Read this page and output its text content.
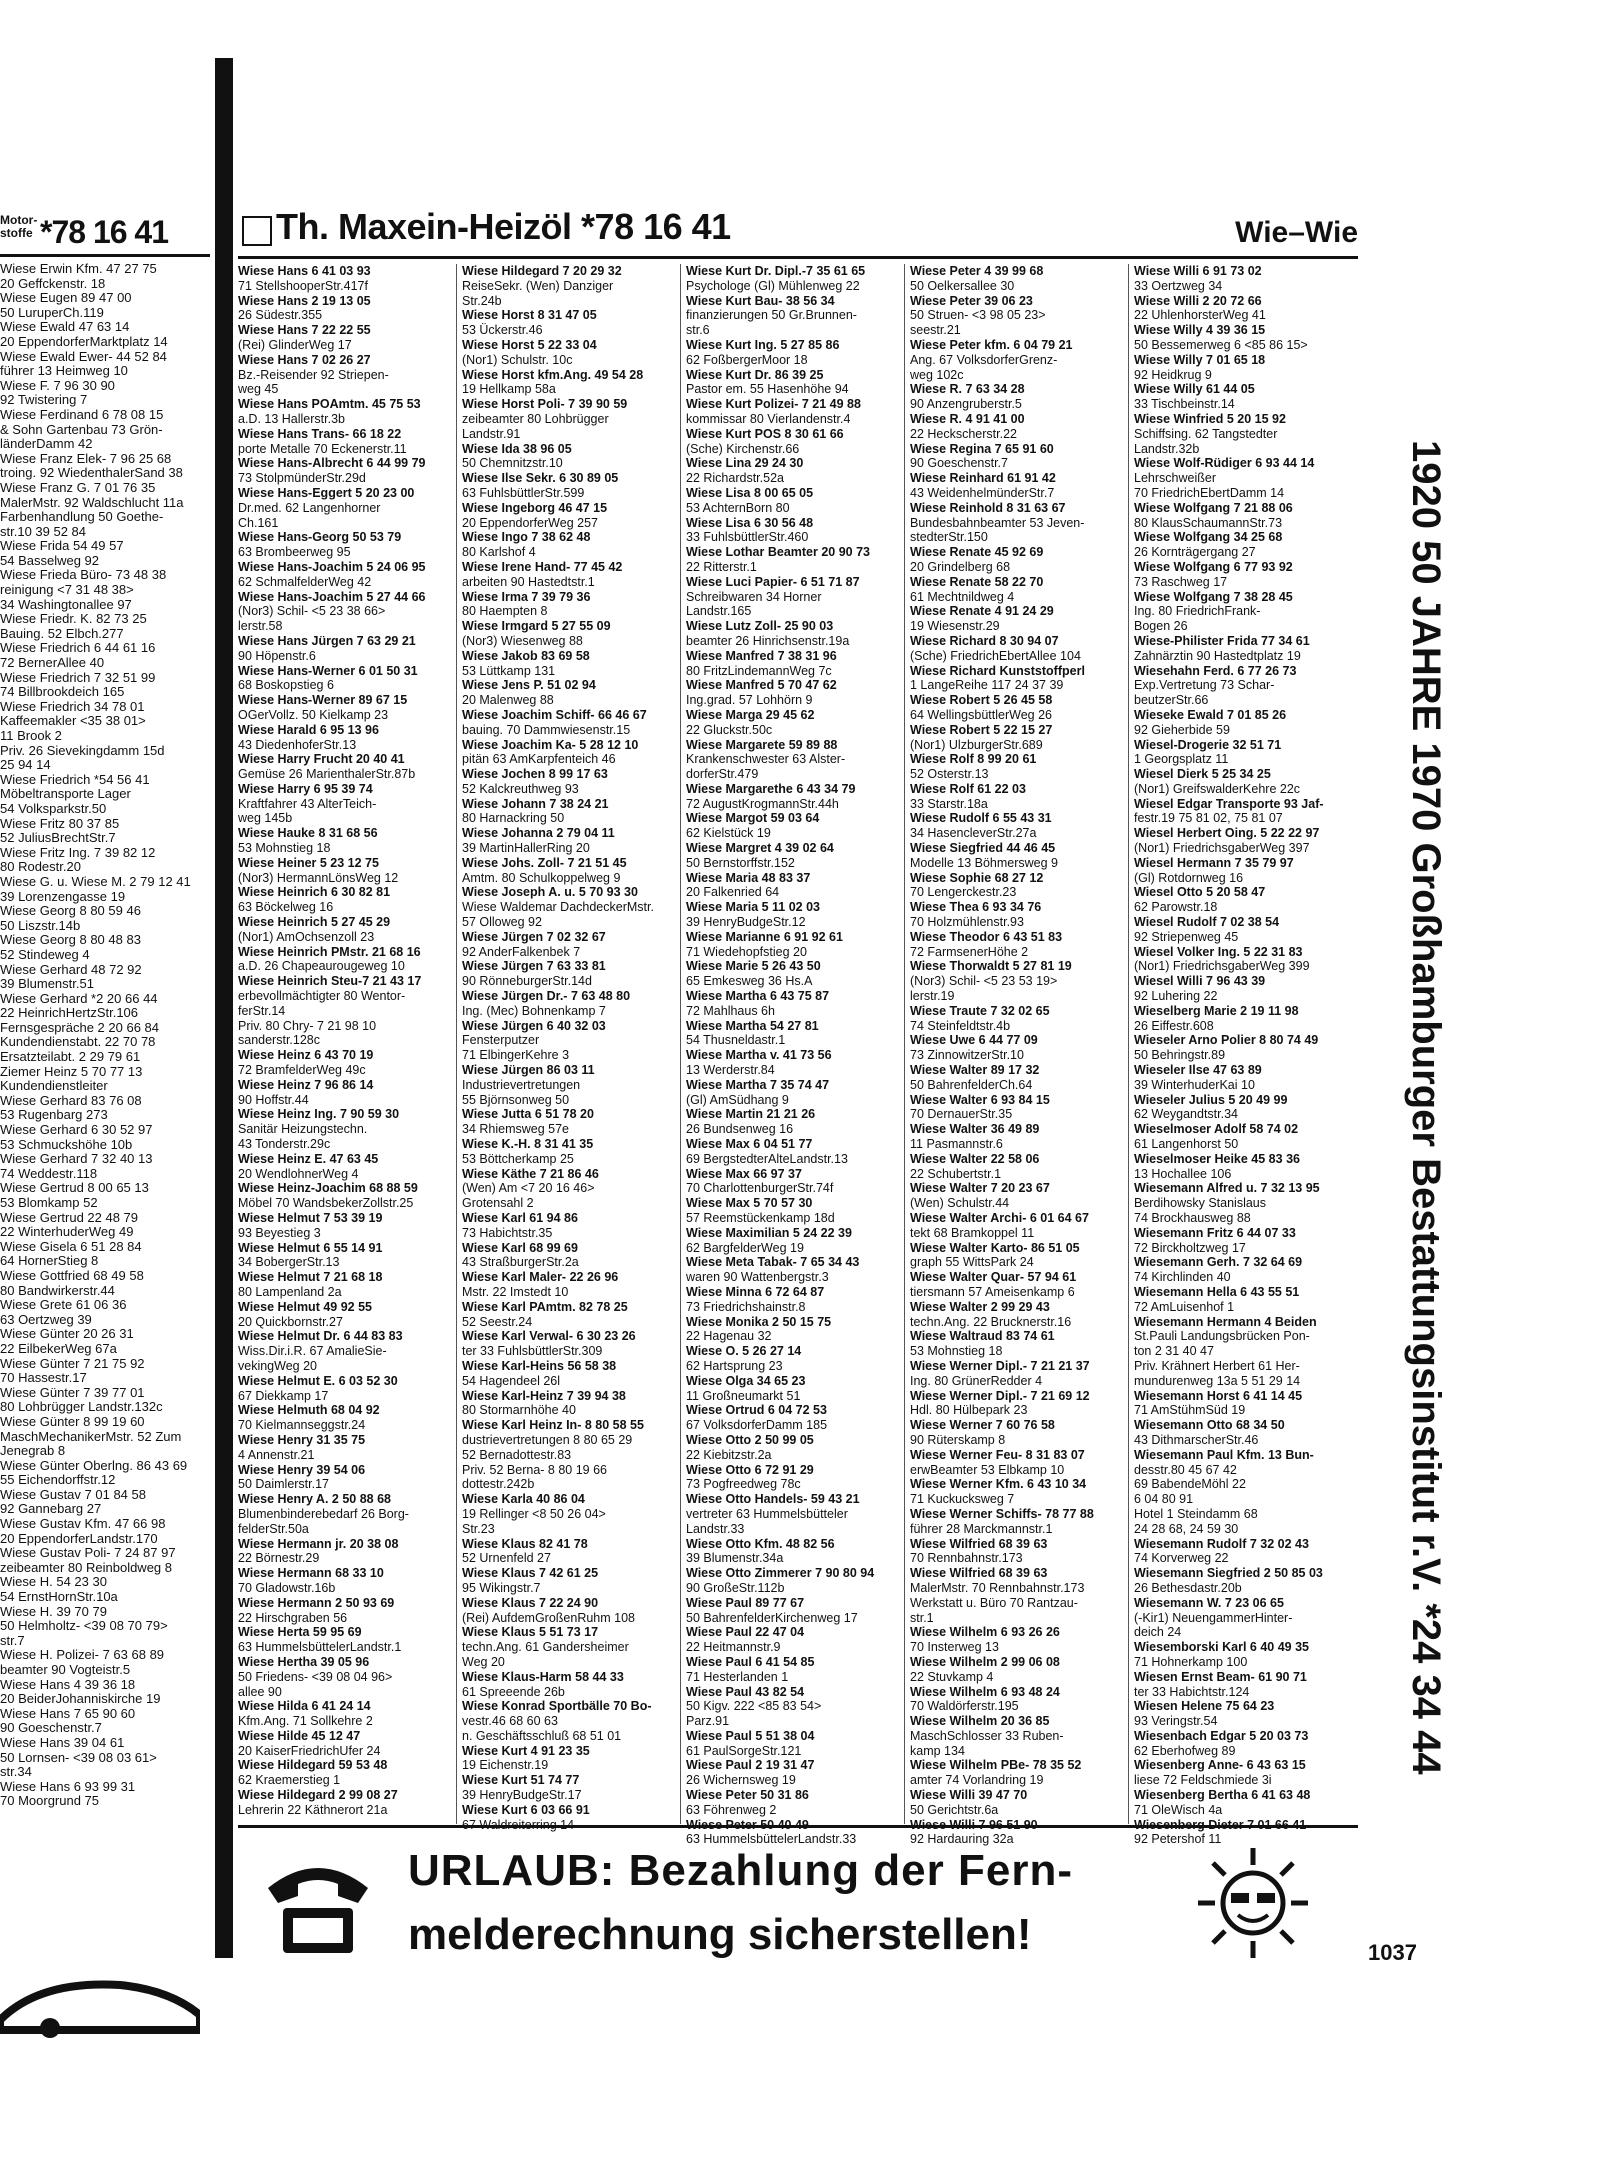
Motor-
stoffe *78 16 41
Wiese Erwin Kfm. 47 27 75
20 Geffckenstr. 18
Wiese Eugen 89 47 00
50 LuruperCh.119
Wiese Ewald 47 63 14
20 EppendorferMarktplatz 14
Wiese Ewald Ewer- 44 52 84
führer 13 Heimweg 10
Wiese F. 7 96 30 90
92 Twistering 7
Wiese Ferdinand 6 78 08 15
& Sohn Gartenbau 73 Grön-
länderDamm 42
Wiese Franz Elek- 7 96 25 68
troing. 92 WiedenthalerSand 38
Wiese Franz G. 7 01 76 35
MalerMstr. 92 Waldschlucht 11a
Farbenhandlung 50 Goethe-
str.10 39 52 84
Wiese Frida 54 49 57
54 Basselweg 92
Wiese Frieda Büro- 73 48 38
reinigung <7 31 48 38>
34 Washingtonallee 97
Wiese Friedr. K. 82 73 25
Bauing. 52 Elbch.277
Wiese Friedrich 6 44 61 16
72 BernerAllee 40
Wiese Friedrich 7 32 51 99
74 Billbrookdeich 165
Wiese Friedrich 34 78 01
Kaffeemakler <35 38 01>
11 Brook 2
Priv. 26 Sievekingdamm 15d
25 94 14
Wiese Friedrich *54 56 41
Möbeltransporte Lager
54 Volksparkstr.50
Wiese Fritz 80 37 85
52 JuliusBrechtStr.7
Wiese Fritz Ing. 7 39 82 12
80 Rodestr.20
Wiese G. u. Wiese M. 2 79 12 41
39 Lorenzengasse 19
Wiese Georg 8 80 59 46
50 Liszstr.14b
Wiese Georg 8 80 48 83
52 Stindeweg 4
Wiese Gerhard 48 72 92
39 Blumenstr.51
Wiese Gerhard *2 20 66 44
22 HeinrichHertzStr.106
Fernsgespräche 2 20 66 84
Kundendienstabt. 22 70 78
Ersatzteilabt. 2 29 79 61
Ziemer Heinz 5 70 77 13
Kundendienstleiter
Wiese Gerhard 83 76 08
53 Rugenbarg 273
Wiese Gerhard 6 30 52 97
53 Schmuckshöhe 10b
Wiese Gerhard 7 32 40 13
74 Weddestr.118
Wiese Gertrud 8 00 65 13
53 Blomkamp 52
Wiese Gertrud 22 48 79
22 WinterhuderWeg 49
Wiese Gisela 6 51 28 84
64 HornerStieg 8
Wiese Gottfried 68 49 58
80 Bandwirkerstr.44
Wiese Grete 61 06 36
63 Oertzweg 39
Wiese Günter 20 26 31
22 EilbekerWeg 67a
Wiese Günter 7 21 75 92
70 Hassestr.17
Wiese Günter 7 39 77 01
80 Lohbrügger Landstr.132c
Wiese Günter 8 99 19 60
MaschMechanikerMstr. 52 Zum
Jenegrab 8
Wiese Günter Oberlng. 86 43 69
55 Eichendorffstr.12
Wiese Gustav 7 01 84 58
92 Gannebarg 27
Wiese Gustav Kfm. 47 66 98
20 EppendorferLandstr.170
Wiese Gustav Poli- 7 24 87 97
zeibeamter 80 Reinboldweg 8
Wiese H. 54 23 30
54 ErnstHornStr.10a
Wiese H. 39 70 79
50 Helmholtz- <39 08 70 79>
str.7
Wiese H. Polizei- 7 63 68 89
beamter 90 Vogteistr.5
Wiese Hans 4 39 36 18
20 BeiderJohanniskirche 19
Wiese Hans 7 65 90 60
90 Goeschenstr.7
Wiese Hans 39 04 61
50 Lornsen- <39 08 03 61>
str.34
Wiese Hans 6 93 99 31
70 Moorgrund 75
Th. Maxein-Heizöl *78 16 41	Wie–Wie
Wiese Hans 6 41 03 93
71 StellshooperStr.417f
Wiese Hans 2 19 13 05
26 Südestr.355
Wiese Hans 7 22 22 55
(Rei) GlinderWeg 17
Wiese Hans 7 02 26 27
Bz.-Reisender 92 Striepen-
weg 45
Wiese Hans POAmtm. 45 75 53
a.D. 13 Hallerstr.3b
Wiese Hans Trans- 66 18 22
porte Metalle 70 Eckenerstr.11
Wiese Hans-Albrecht 6 44 99 79
73 StolpmünderStr.29d
Wiese Hans-Eggert 5 20 23 00
Dr.med. 62 Langenhorner
Ch.161
Wiese Hans-Georg 50 53 79
63 Brombeerweg 95
Wiese Hans-Joachim 5 24 06 95
62 SchmalfelderWeg 42
Wiese Hans-Joachim 5 27 44 66
(Nor3) Schil- <5 23 38 66>
lerstr.58
Wiese Hans Jürgen 7 63 29 21
90 Höpenstr.6
Wiese Hans-Werner 6 01 50 31
68 Boskopstieg 6
Wiese Hans-Werner 89 67 15
OGerVollz. 50 Kielkamp 23
Wiese Harald 6 95 13 96
43 DiedenhoferStr.13
Wiese Harry Frucht 20 40 41
Gemüse 26 MarienthalerStr.87b
Wiese Harry 6 95 39 74
Kraftfahrer 43 AlterTeich-
weg 145b
Wiese Hauke 8 31 68 56
53 Mohnstieg 18
Wiese Heiner 5 23 12 75
(Nor3) HermannLönsWeg 12
Wiese Heinrich 6 30 82 81
63 Böckelweg 16
Wiese Heinrich 5 27 45 29
(Nor1) AmOchsenzoll 23
Wiese Heinrich PMstr. 21 68 16
a.D. 26 Chapeaurougeweg 10
Wiese Heinrich Steu-7 21 43 17
erbevollmächtigter 80 Wentor-
ferStr.14
Priv. 80 Chry- 7 21 98 10
sanderstr.128c
Wiese Heinz 6 43 70 19
72 BramfelderWeg 49c
Wiese Heinz 7 96 86 14
90 Hoffstr.44
Wiese Heinz Ing. 7 90 59 30
Sanitär Heizungstechn.
43 Tonderstr.29c
Wiese Heinz E. 47 63 45
20 WendlohnerWeg 4
Wiese Heinz-Joachim 68 88 59
Möbel 70 WandsbekerZollstr.25
Wiese Helmut 7 53 39 19
93 Beyestieg 3
Wiese Helmut 6 55 14 91
34 BobergerStr.13
Wiese Helmut 7 21 68 18
80 Lampenland 2a
Wiese Helmut 49 92 55
20 Quickbornstr.27
Wiese Helmut Dr. 6 44 83 83
Wiss.Dir.i.R. 67 AmalieSie-
vekingWeg 20
Wiese Helmut E. 6 03 52 30
67 Diekkamp 17
Wiese Helmuth 68 04 92
70 Kielmannseggstr.24
Wiese Henry 31 35 75
4 Annenstr.21
Wiese Henry 39 54 06
50 Daimlerstr.17
Wiese Henry A. 2 50 88 68
Blumenbinderebedarf 26 Borg-
felderStr.50a
Wiese Hermann jr. 20 38 08
22 Börnestr.29
Wiese Hermann 68 33 10
70 Gladowstr.16b
Wiese Hermann 2 50 93 69
22 Hirschgraben 56
Wiese Herta 59 95 69
63 HummelsbüttelerLandstr.1
Wiese Hertha 39 05 96
50 Friedens- <39 08 04 96>
allee 90
Wiese Hilda 6 41 24 14
Kfm.Ang. 71 Sollkehre 2
Wiese Hilde 45 12 47
20 KaiserFriedrichUfer 24
Wiese Hildegard 59 53 48
62 Kraemerstieg 1
Wiese Hildegard 2 99 08 27
Lehrerin 22 Käthnerort 21a
Wiese Hildegard 7 20 29 32
ReiseSekr. (Wen) Danziger
Str.24b
Wiese Horst 8 31 47 05
53 Ückerstr.46
Wiese Horst 5 22 33 04
(Nor1) Schulstr. 10c
Wiese Horst kfm.Ang. 49 54 28
19 Hellkamp 58a
Wiese Horst Poli- 7 39 90 59
zeibeamter 80 Lohbrügger
Landstr.91
Wiese Ida 38 96 05
50 Chemnitzstr.10
Wiese Ilse Sekr. 6 30 89 05
63 FuhlsbüttlerStr.599
Wiese Ingeborg 46 47 15
20 EppendorferWeg 257
Wiese Ingo 7 38 62 48
80 Karlshof 4
Wiese Irene Hand- 77 45 42
arbeiten 90 Hastedtstr.1
Wiese Irma 7 39 79 36
80 Haempten 8
Wiese Irmgard 5 27 55 09
(Nor3) Wiesenweg 88
Wiese Jakob 83 69 58
53 Lüttkamp 131
Wiese Jens P. 51 02 94
20 Malenweg 88
Wiese Joachim Schiff- 66 46 67
bauing. 70 Dammwiesenstr.15
Wiese Joachim Ka- 5 28 12 10
pitän 63 AmKarpfenteich 46
Wiese Jochen 8 99 17 63
52 Kalckreuthweg 93
Wiese Johann 7 38 24 21
80 Harnackring 50
Wiese Johanna 2 79 04 11
39 MartinHallerRing 20
Wiese Johs. Zoll- 7 21 51 45
Amtm. 80 Schulkoppelweg 9
Wiese Joseph A. u. 5 70 93 30
Wiese Waldemar DachdeckerMstr.
57 Olloweg 92
Wiese Jürgen 7 02 32 67
92 AnderFalkenbek 7
Wiese Jürgen 7 63 33 81
90 RönneburgerStr.14d
Wiese Jürgen Dr.- 7 63 48 80
Ing. (Mec) Bohnenkamp 7
Wiese Jürgen 6 40 32 03
Fensterputzer
71 ElbingerKehre 3
Wiese Jürgen 86 03 11
Industrievertretungen
55 Björnsonweg 50
Wiese Jutta 6 51 78 20
34 Rhiemsweg 57e
Wiese K.-H. 8 31 41 35
53 Böttcherkamp 25
Wiese Käthe 7 21 86 46
(Wen) Am <7 20 16 46>
Grotensahl 2
Wiese Karl 61 94 86
73 Habichtstr.35
Wiese Karl 68 99 69
43 StraßburgerStr.2a
Wiese Karl Maler- 22 26 96
Mstr. 22 Imstedt 10
Wiese Karl PAmtm. 82 78 25
52 Seestr.24
Wiese Karl Verwal- 6 30 23 26
ter 33 FuhlsbüttlerStr.309
Wiese Karl-Heins 56 58 38
54 Hagendeel 26l
Wiese Karl-Heinz 7 39 94 38
80 Stormarnhöhe 40
Wiese Karl Heinz In- 8 80 58 55
dustrievertretungen 8 80 65 29
52 Bernadottestr.83
Priv. 52 Berna- 8 80 19 66
dottestr.242b
Wiese Karla 40 86 04
19 Rellinger <8 50 26 04>
Str.23
Wiese Klaus 82 41 78
52 Urnenfeld 27
Wiese Klaus 7 42 61 25
95 Wikingstr.7
Wiese Klaus 7 22 24 90
(Rei) AufdemGroßenRuhm 108
Wiese Klaus 5 51 73 17
techn.Ang. 61 Gandersheimer
Weg 20
Wiese Klaus-Harm 58 44 33
61 Spreeende 26b
Wiese Konrad Sportbälle 70 Bo-
vestr.46 68 60 63
n. Geschäftsschluß 68 51 01
Wiese Kurt 4 91 23 35
19 Eichenstr.19
Wiese Kurt 51 74 77
39 HenryBudgeStr.17
Wiese Kurt 6 03 66 91
67 Waldreiterring 14
Wiese Kurt Dr. Dipl.-7 35 61 65
Psychologe (Gl) Mühlenweg 22
Wiese Kurt Bau- 38 56 34
finanzierungen 50 Gr.Brunnen-
str.6
Wiese Kurt Ing. 5 27 85 86
62 FoßbergerMoor 18
Wiese Kurt Dr. 86 39 25
Pastor em. 55 Hasenhöhe 94
Wiese Kurt Polizei- 7 21 49 88
kommissar 80 Vierlandenstr.4
Wiese Kurt POS 8 30 61 66
(Sche) Kirchenstr.66
Wiese Lina 29 24 30
22 Richardstr.52a
Wiese Lisa 8 00 65 05
53 AchternBorn 80
Wiese Lisa 6 30 56 48
33 FuhlsbüttlerStr.460
Wiese Lothar Beamter 20 90 73
22 Ritterstr.1
Wiese Luci Papier- 6 51 71 87
Schreibwaren 34 Horner
Landstr.165
Wiese Lutz Zoll- 25 90 03
beamter 26 Hinrichsenstr.19a
Wiese Manfred 7 38 31 96
80 FritzLindemannWeg 7c
Wiese Manfred 5 70 47 62
Ing.grad. 57 Lohhörn 9
Wiese Marga 29 45 62
22 Gluckstr.50c
Wiese Margarete 59 89 88
Krankenschwester 63 Alster-
dorferStr.479
Wiese Margarethe 6 43 34 79
72 AugustKrogmannStr.44h
Wiese Margot 59 03 64
62 Kielstück 19
Wiese Margret 4 39 02 64
50 Bernstorffstr.152
Wiese Maria 48 83 37
20 Falkenried 64
Wiese Maria 5 11 02 03
39 HenryBudgeStr.12
Wiese Marianne 6 91 92 61
71 Wiedehopfstieg 20
Wiese Marie 5 26 43 50
65 Emkesweg 36 Hs.A
Wiese Martha 6 43 75 87
72 Mahlhaus 6h
Wiese Martha 54 27 81
54 Thusneldastr.1
Wiese Martha v. 41 73 56
13 Werderstr.84
Wiese Martha 7 35 74 47
(Gl) AmSüdhang 9
Wiese Martin 21 21 26
26 Bundsenweg 16
Wiese Max 6 04 51 77
69 BergstedterAlteLandstr.13
Wiese Max 66 97 37
70 CharlottenburgerStr.74f
Wiese Max 5 70 57 30
57 Reemstückenkamp 18d
Wiese Maximilian 5 24 22 39
62 BargfelderWeg 19
Wiese Meta Tabak- 7 65 34 43
waren 90 Wattenbergstr.3
Wiese Minna 6 72 64 87
73 Friedrichshainstr.8
Wiese Monika 2 50 15 75
22 Hagenau 32
Wiese O. 5 26 27 14
62 Hartsprung 23
Wiese Olga 34 65 23
11 Großneumarkt 51
Wiese Ortrud 6 04 72 53
67 VolksdorferDamm 185
Wiese Otto 2 50 99 05
22 Kiebitzstr.2a
Wiese Otto 6 72 91 29
73 Pogfreedweg 78c
Wiese Otto Handels- 59 43 21
vertreter 63 Hummelsbütteler
Landstr.33
Wiese Otto Kfm. 48 82 56
39 Blumenstr.34a
Wiese Otto Zimmerer 7 90 80 94
90 GroßeStr.112b
Wiese Paul 89 77 67
50 BahrenfelderKirchenweg 17
Wiese Paul 22 47 04
22 Heitmannstr.9
Wiese Paul 6 41 54 85
71 Hesterlanden 1
Wiese Paul 43 82 54
50 Kigv. 222 <85 83 54>
Parz.91
Wiese Paul 5 51 38 04
61 PaulSorgeStr.121
Wiese Paul 2 19 31 47
26 Wichernsweg 19
Wiese Peter 50 31 86
63 Föhrenweg 2
Wiese Peter 50 40 49
63 HummelsbüttelerLandstr.33
Wiese Peter 4 39 99 68
50 Oelkersallee 30
Wiese Peter 39 06 23
50 Struen- <3 98 05 23>
seestr.21
Wiese Peter kfm. 6 04 79 21
Ang. 67 VolksdorferGrenz-
weg 102c
Wiese R. 7 63 34 28
90 Anzengruberstr.5
Wiese R. 4 91 41 00
22 Heckscherstr.22
Wiese Regina 7 65 91 60
90 Goeschenstr.7
Wiese Reinhard 61 91 42
43 WeidenhelmünderStr.7
Wiese Reinhold 8 31 63 67
Bundesbahnbeamter 53 Jeven-
stedterStr.150
Wiese Renate 45 92 69
20 Grindelberg 68
Wiese Renate 58 22 70
61 Mechtnildweg 4
Wiese Renate 4 91 24 29
19 Wiesenstr.29
Wiese Richard 8 30 94 07
(Sche) FriedrichEbertAllee 104
Wiese Richard Kunststoffperl
1 LangeReihe 117 24 37 39
Wiese Robert 5 26 45 58
64 WellingsbüttlerWeg 26
Wiese Robert 5 22 15 27
(Nor1) UlzburgerStr.689
Wiese Rolf 8 99 20 61
52 Osterstr.13
Wiese Rolf 61 22 03
33 Starstr.18a
Wiese Rudolf 6 55 43 31
34 HasencleverStr.27a
Wiese Siegfried 44 46 45
Modelle 13 Böhmersweg 9
Wiese Sophie 68 27 12
70 Lengerckestr.23
Wiese Thea 6 93 34 76
70 Holzmühlenstr.93
Wiese Theodor 6 43 51 83
72 FarmsenerHöhe 2
Wiese Thorwaldt 5 27 81 19
(Nor3) Schil- <5 23 53 19>
lerstr.19
Wiese Traute 7 32 02 65
74 Steinfeldtstr.4b
Wiese Uwe 6 44 77 09
73 ZinnowitzerStr.10
Wiese Walter 89 17 32
50 BahrenfelderCh.64
Wiese Walter 6 93 84 15
70 DernauerStr.35
Wiese Walter 36 49 89
11 Pasmannstr.6
Wiese Walter 22 58 06
22 Schubertstr.1
Wiese Walter 7 20 23 67
(Wen) Schulstr.44
Wiese Walter Archi- 6 01 64 67
tekt 68 Bramkoppel 11
Wiese Walter Karto- 86 51 05
graph 55 WittsPark 24
Wiese Walter Quar- 57 94 61
tiersmann 57 Ameisenkamp 6
Wiese Walter 2 99 29 43
techn.Ang. 22 Brucknerstr.16
Wiese Waltraud 83 74 61
53 Mohnstieg 18
Wiese Werner Dipl.- 7 21 21 37
Ing. 80 GrünerRedder 4
Wiese Werner Dipl.- 7 21 69 12
Hdl. 80 Hülbepark 23
Wiese Werner 7 60 76 58
90 Rüterskamp 8
Wiese Werner Feu- 8 31 83 07
erwBeamter 53 Elbkamp 10
Wiese Werner Kfm. 6 43 10 34
71 Kuckucksweg 7
Wiese Werner Schiffs- 78 77 88
führer 28 Marckmannstr.1
Wiese Wilfried 68 39 63
70 Rennbahnstr.173
Wiese Wilfried 68 39 63
MalerMstr. 70 Rennbahnstr.173
Werkstatt u. Büro 70 Rantzau-
str.1
Wiese Wilhelm 6 93 26 26
70 Insterweg 13
Wiese Wilhelm 2 99 06 08
22 Stuvkamp 4
Wiese Wilhelm 6 93 48 24
70 Waldörferstr.195
Wiese Wilhelm 20 36 85
MaschSchlosser 33 Ruben-
kamp 134
Wiese Wilhelm PBe- 78 35 52
amter 74 Vorlandring 19
Wiese Willi 39 47 70
50 Gerichtstr.6a
Wiese Willi 7 96 51 90
92 Hardauring 32a
Wiese Willi 6 91 73 02
33 Oertzweg 34
Wiese Willi 2 20 72 66
22 UhlenhorsterWeg 41
Wiese Willy 4 39 36 15
50 Bessemerweg 6 <85 86 15>
Wiese Willy 7 01 65 18
92 Heidkrug 9
Wiese Willy 61 44 05
33 Tischbeinstr.14
Wiese Winfried 5 20 15 92
Schiffsing. 62 Tangstedter
Landstr.32b
Wiese Wolf-Rüdiger 6 93 44 14
Lehrschweißer
70 FriedrichEbertDamm 14
Wiese Wolfgang 7 21 88 06
80 KlausSchaumannStr.73
Wiese Wolfgang 34 25 68
26 Kornträgergang 27
Wiese Wolfgang 6 77 93 92
73 Raschweg 17
Wiese Wolfgang 7 38 28 45
Ing. 80 FriedrichFrank-
Bogen 26
Wiese-Philister Frida 77 34 61
Zahnärztin 90 Hastedtplatz 19
Wiesehahn Ferd. 6 77 26 73
Exp.Vertretung 73 Schar-
beutzerStr.66
Wieseke Ewald 7 01 85 26
92 Gieherbide 59
Wiesel-Drogerie 32 51 71
1 Georgsplatz 11
Wiesel Dierk 5 25 34 25
(Nor1) GreifswalderKehre 22c
Wiesel Edgar Transporte 93 Jaf-
festr.19 75 81 02, 75 81 07
Wiesel Herbert Oing. 5 22 22 97
(Nor1) FriedrichsgaberWeg 397
Wiesel Hermann 7 35 79 97
(Gl) Rotdornweg 16
Wiesel Otto 5 20 58 47
62 Parowstr.18
Wiesel Rudolf 7 02 38 54
92 Striepenweg 45
Wiesel Volker Ing. 5 22 31 83
(Nor1) FriedrichsgaberWeg 399
Wiesel Willi 7 96 43 39
92 Luhering 22
Wieselberg Marie 2 19 11 98
26 Eiffestr.608
Wieseler Arno Polier 8 80 74 49
50 Behringstr.89
Wieseler Ilse 47 63 89
39 WinterhuderKai 10
Wieseler Julius 5 20 49 99
62 Weygandtstr.34
Wieselmoser Adolf 58 74 02
61 Langenhorst 50
Wieselmoser Heike 45 83 36
13 Hochallee 106
Wiesemann Alfred u. 7 32 13 95
Berdihowsky Stanislaus
74 Brockhausweg 88
Wiesemann Fritz 6 44 07 33
72 Birckholtzweg 17
Wiesemann Gerh. 7 32 64 69
74 Kirchlinden 40
Wiesemann Hella 6 43 55 51
72 AmLuisenhof 1
Wiesemann Hermann 4 Beiden
St.Pauli Landungsbrücken Pon-
ton 2 31 40 47
Priv. Krähnert Herbert 61 Her-
mundurenweg 13a 5 51 29 14
Wiesemann Horst 6 41 14 45
71 AmStühmSüd 19
Wiesemann Otto 68 34 50
43 DithmarscherStr.46
Wiesemann Paul Kfm. 13 Bun-
desstr.80 45 67 42
69 BabendeMöhl 22
6 04 80 91
Hotel 1 Steindamm 68
24 28 68, 24 59 30
Wiesemann Rudolf 7 32 02 43
74 Korverweg 22
Wiesemann Siegfried 2 50 85 03
26 Bethesdastr.20b
Wiesemann W. 7 23 06 65
(-Kir1) NeuengammerHinter-
deich 24
Wiesemborski Karl 6 40 49 35
71 Hohnerkamp 100
Wiesen Ernst Beam- 61 90 71
ter 33 Habichtstr.124
Wiesen Helene 75 64 23
93 Veringstr.54
Wiesenbach Edgar 5 20 03 73
62 Eberhofweg 89
Wiesenberg Anne- 6 43 63 15
liese 72 Feldschmiede 3i
Wiesenberg Bertha 6 41 63 48
71 OleWisch 4a
Wiesenberg Dieter 7 01 66 41
92 Petershof 11
1920 50 JAHRE 1970 Großhamburger Bestattungsinstitut r.V. *24 34 44
URLAUB: Bezahlung der Fern-
melderechnung sicherstellen!	1037
